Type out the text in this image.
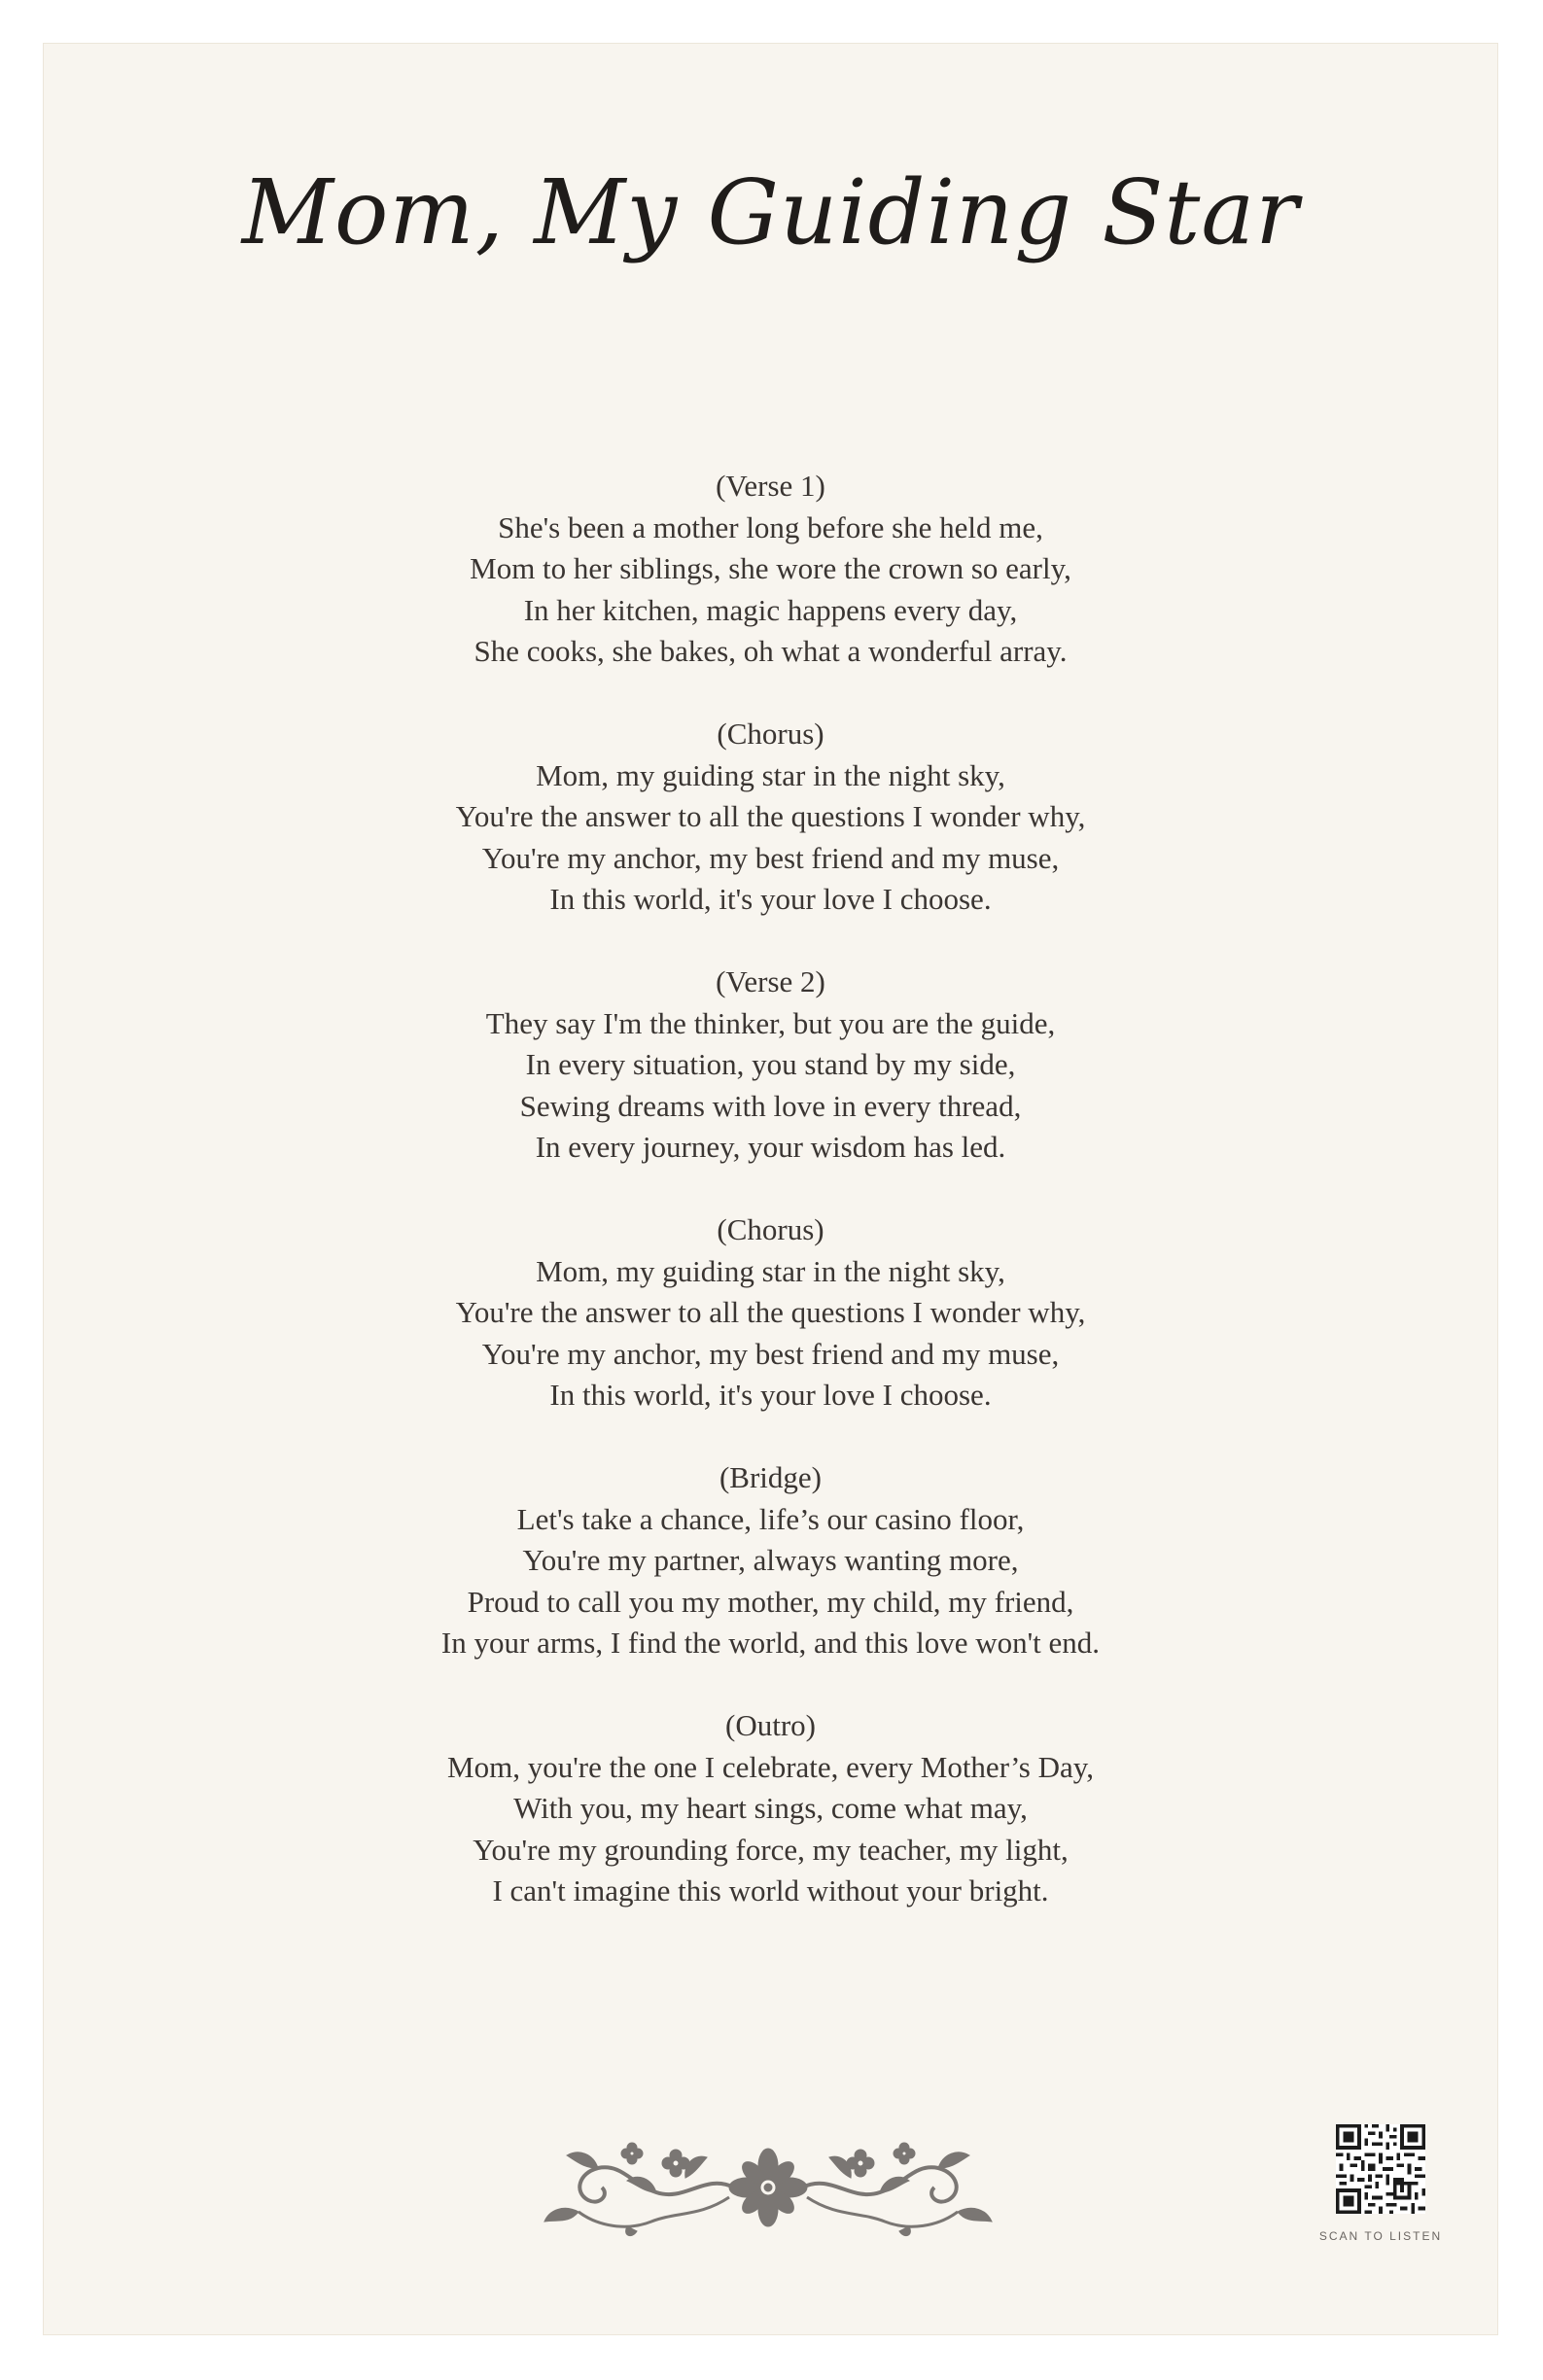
Mom, My Guiding Star
(Verse 1)
She's been a mother long before she held me,
Mom to her siblings, she wore the crown so early,
In her kitchen, magic happens every day,
She cooks, she bakes, oh what a wonderful array.
(Chorus)
Mom, my guiding star in the night sky,
You're the answer to all the questions I wonder why,
You're my anchor, my best friend and my muse,
In this world, it's your love I choose.
(Verse 2)
They say I'm the thinker, but you are the guide,
In every situation, you stand by my side,
Sewing dreams with love in every thread,
In every journey, your wisdom has led.
(Chorus)
Mom, my guiding star in the night sky,
You're the answer to all the questions I wonder why,
You're my anchor, my best friend and my muse,
In this world, it's your love I choose.
(Bridge)
Let's take a chance, life’s our casino floor,
You're my partner, always wanting more,
Proud to call you my mother, my child, my friend,
In your arms, I find the world, and this love won't end.
(Outro)
Mom, you're the one I celebrate, every Mother’s Day,
With you, my heart sings, come what may,
You're my grounding force, my teacher, my light,
I can't imagine this world without your bright.
SCAN TO LISTEN
